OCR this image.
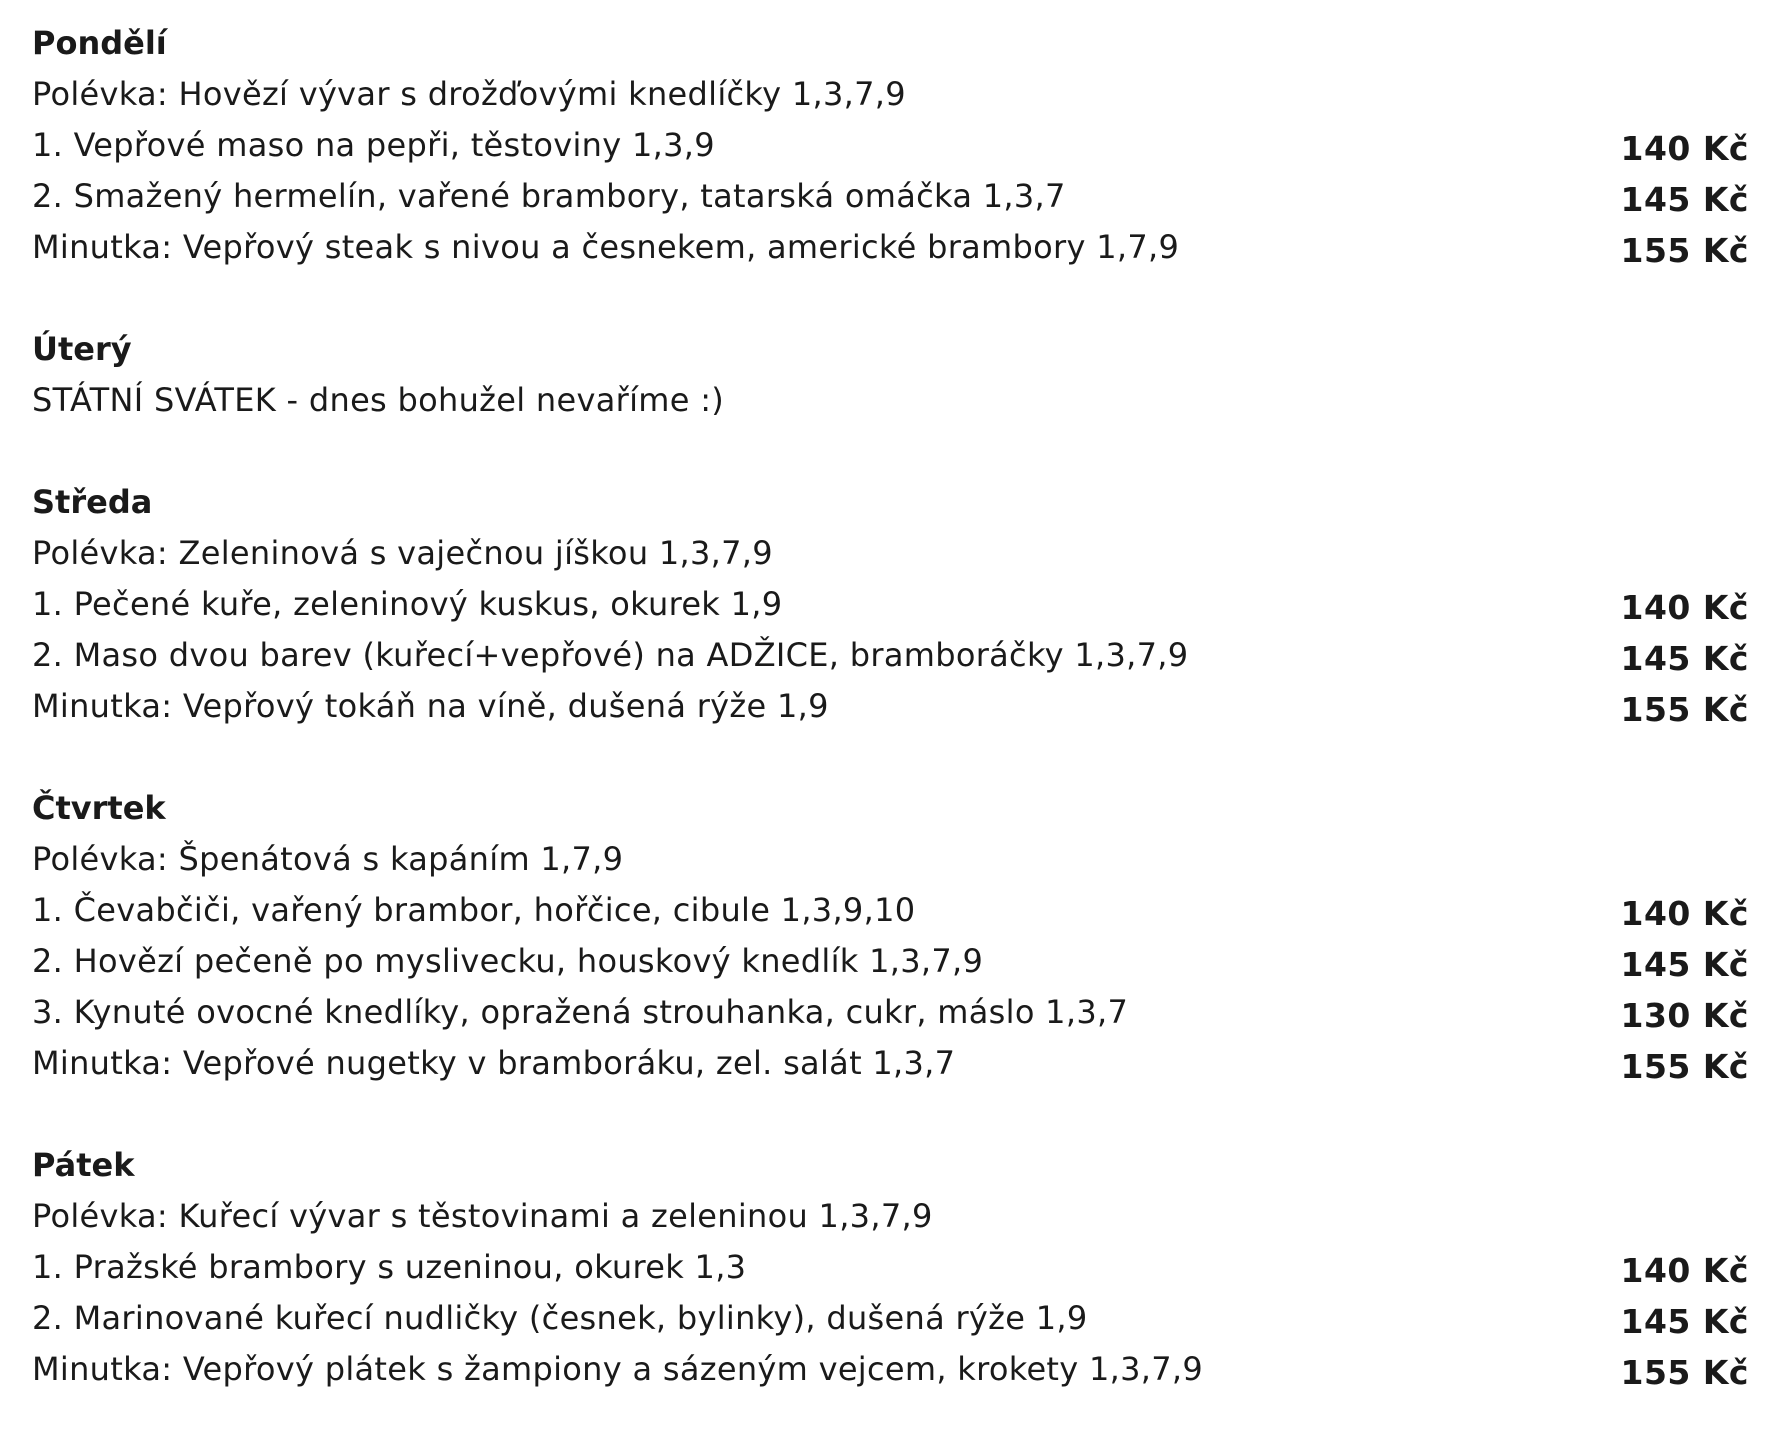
Pondělí
Polévka: Hovězí vývar s drožďovými knedlíčky 1,3,7,9
1. Vepřové maso na pepři, těstoviny 1,3,9	140 Kč
2. Smažený hermelín, vařené brambory, tatarská omáčka 1,3,7	145 Kč
Minutka: Vepřový steak s nivou a česnekem, americké brambory 1,7,9	155 Kč
Úterý
STÁTNÍ SVÁTEK - dnes bohužel nevaříme :)
Středa
Polévka: Zeleninová s vaječnou jíškou 1,3,7,9
1. Pečené kuře, zeleninový kuskus, okurek 1,9	140 Kč
2. Maso dvou barev (kuřecí+vepřové) na ADŽICE, bramboráčky 1,3,7,9	145 Kč
Minutka: Vepřový tokáň na víně, dušená rýže 1,9	155 Kč
Čtvrtek
Polévka: Špenátová s kapáním 1,7,9
1. Čevabčiči, vařený brambor, hořčice, cibule 1,3,9,10	140 Kč
2. Hovězí pečeně po myslivecku, houskový knedlík 1,3,7,9	145 Kč
3. Kynuté ovocné knedlíky, opražená strouhanka, cukr, máslo 1,3,7	130 Kč
Minutka: Vepřové nugetky v bramboráku, zel. salát 1,3,7	155 Kč
Pátek
Polévka: Kuřecí vývar s těstovinami a zeleninou 1,3,7,9
1. Pražské brambory s uzeninou, okurek 1,3	140 Kč
2. Marinované kuřecí nudličky (česnek, bylinky), dušená rýže 1,9	145 Kč
Minutka: Vepřový plátek s žampiony a sázeným vejcem, krokety 1,3,7,9	155 Kč
